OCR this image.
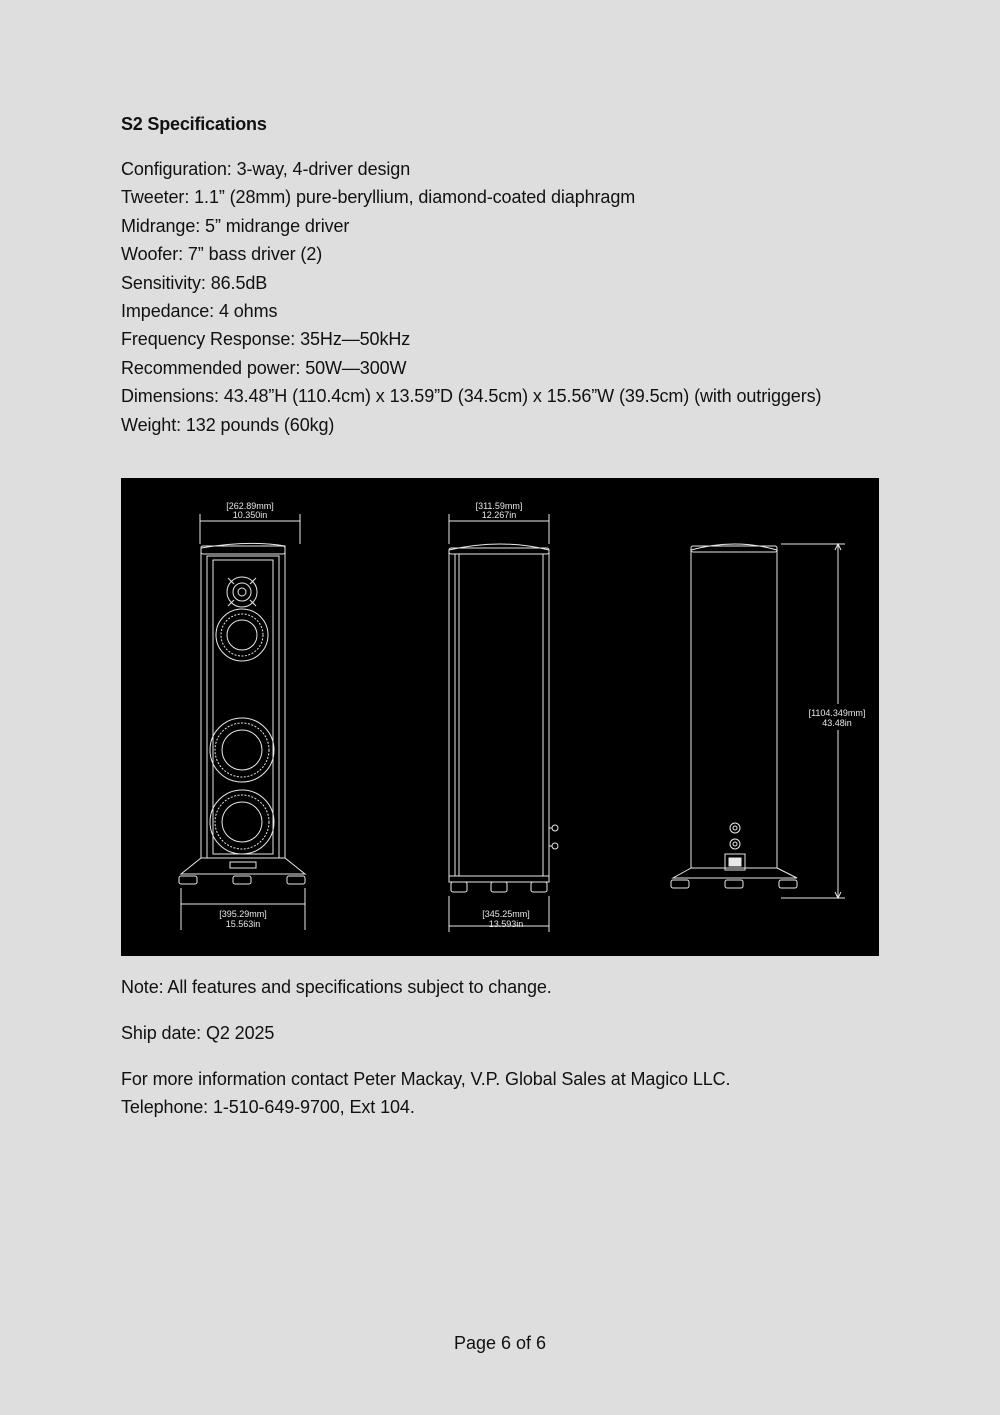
S2 Specifications
Configuration: 3-way, 4-driver design
Tweeter: 1.1” (28mm) pure-beryllium, diamond-coated diaphragm
Midrange: 5” midrange driver
Woofer: 7” bass driver (2)
Sensitivity: 86.5dB
Impedance: 4 ohms
Frequency Response: 35Hz—50kHz
Recommended power: 50W—300W
Dimensions: 43.48”H (110.4cm) x 13.59”D (34.5cm) x 15.56”W (39.5cm) (with outriggers)
Weight: 132 pounds (60kg)
[262.89mm]
10.350in
[395.29mm]
15.563in
[311.59mm]
12.267in
[345.25mm]
13.593in
[1104.349mm]
43.48in
Note: All features and specifications subject to change.
Ship date: Q2 2025
For more information contact Peter Mackay, V.P. Global Sales at Magico LLC.
Telephone: 1-510-649-9700, Ext 104.
Page 6 of 6
